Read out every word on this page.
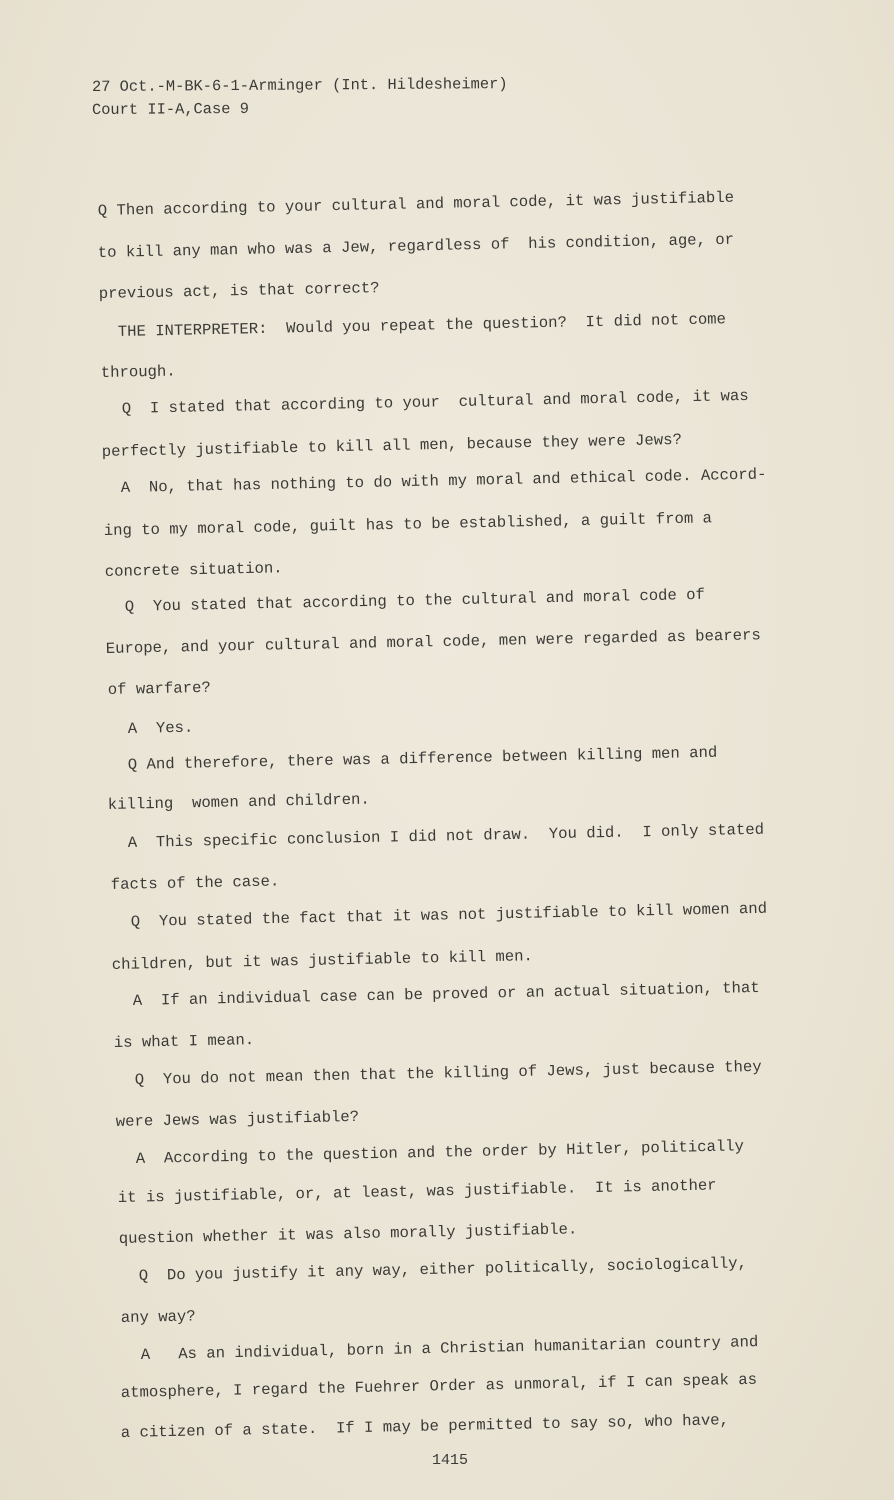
27 Oct.-M-BK-6-1-Arminger (Int. Hildesheimer)
Court II-A,Case 9
Q Then according to your cultural and moral code, it was justifiable
to kill any man who was a Jew, regardless of  his condition, age, or
previous act, is that correct?
THE INTERPRETER:  Would you repeat the question?  It did not come
through.
Q  I stated that according to your  cultural and moral code, it was
perfectly justifiable to kill all men, because they were Jews?
A  No, that has nothing to do with my moral and ethical code. Accord-
ing to my moral code, guilt has to be established, a guilt from a
concrete situation.
Q  You stated that according to the cultural and moral code of
Europe, and your cultural and moral code, men were regarded as bearers
of warfare?
A  Yes.
Q And therefore, there was a difference between killing men and
killing  women and children.
A  This specific conclusion I did not draw.  You did.  I only stated
facts of the case.
Q  You stated the fact that it was not justifiable to kill women and
children, but it was justifiable to kill men.
A  If an individual case can be proved or an actual situation, that
is what I mean.
Q  You do not mean then that the killing of Jews, just because they
were Jews was justifiable?
A  According to the question and the order by Hitler, politically
it is justifiable, or, at least, was justifiable.  It is another
question whether it was also morally justifiable.
Q  Do you justify it any way, either politically, sociologically,
any way?
A   As an individual, born in a Christian humanitarian country and
atmosphere, I regard the Fuehrer Order as unmoral, if I can speak as
a citizen of a state.  If I may be permitted to say so, who have,
1415
